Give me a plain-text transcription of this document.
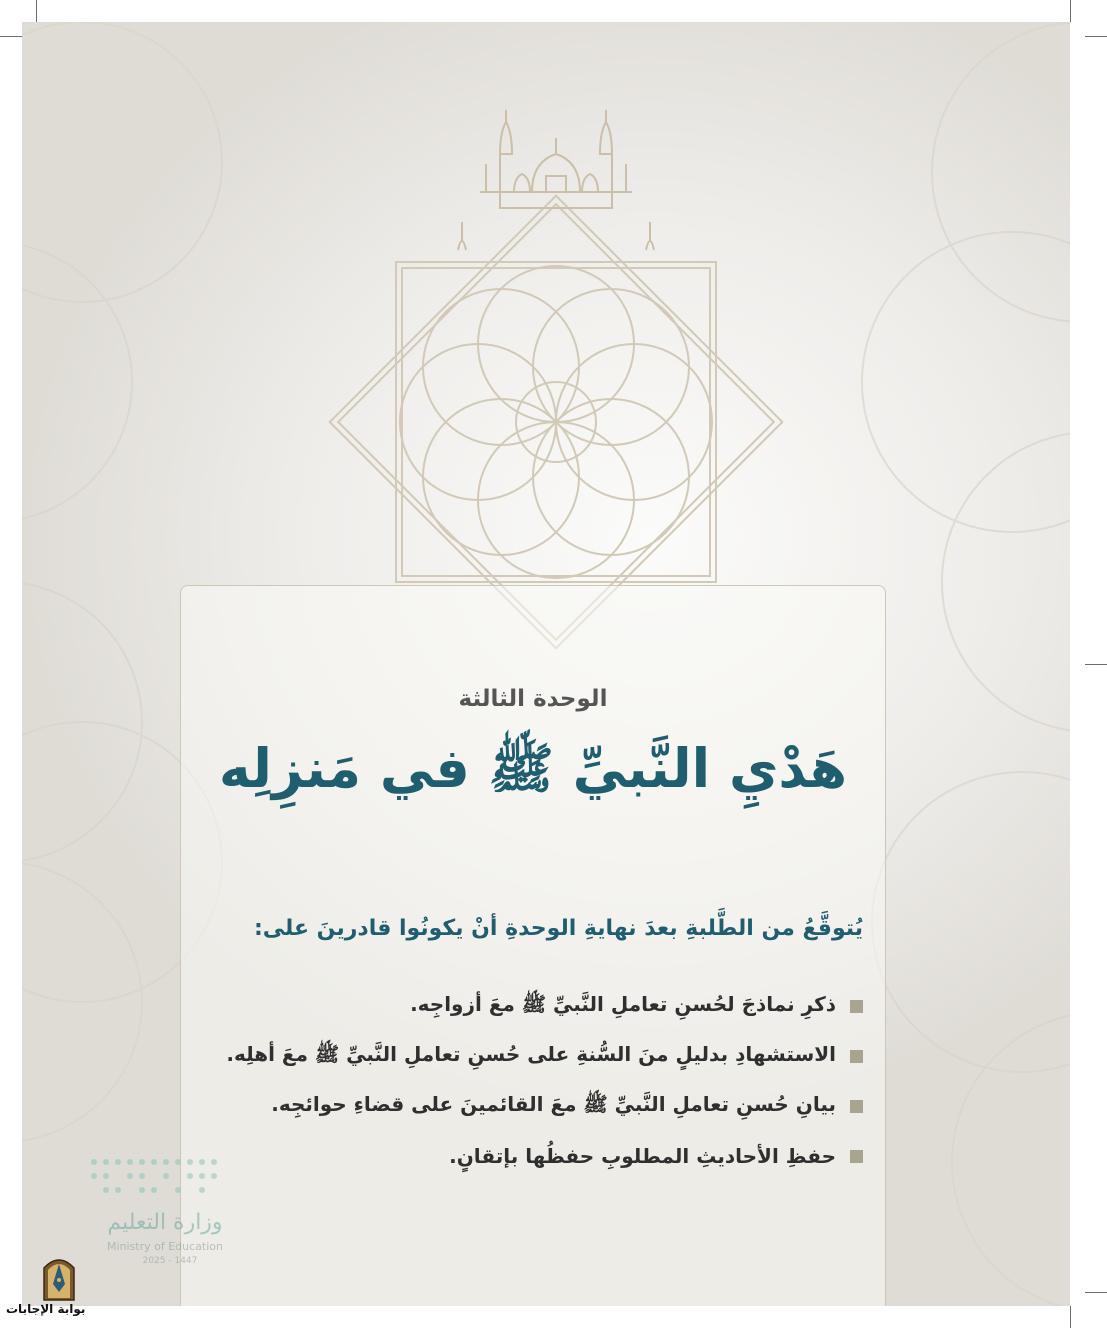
الوحدة الثالثة
هَدْيِ النَّبيِّ ﷺ في مَنزِلِه
يُتوقَّعُ من الطَّلبةِ بعدَ نهايةِ الوحدةِ أنْ يكونُوا قادرينَ على:
ذكرِ نماذجَ لحُسنِ تعاملِ النَّبيِّ ﷺ معَ أزواجِه.
الاستشهادِ بدليلٍ منَ السُّنةِ على حُسنِ تعاملِ النَّبيِّ ﷺ معَ أهلِه.
بيانِ حُسنِ تعاملِ النَّبيِّ ﷺ معَ القائمينَ على قضاءِ حوائجِه.
حفظِ الأحاديثِ المطلوبِ حفظُها بإتقانٍ.
وزارة التعليم
Ministry of Education
2025 - 1447
بوابة الإجابات
